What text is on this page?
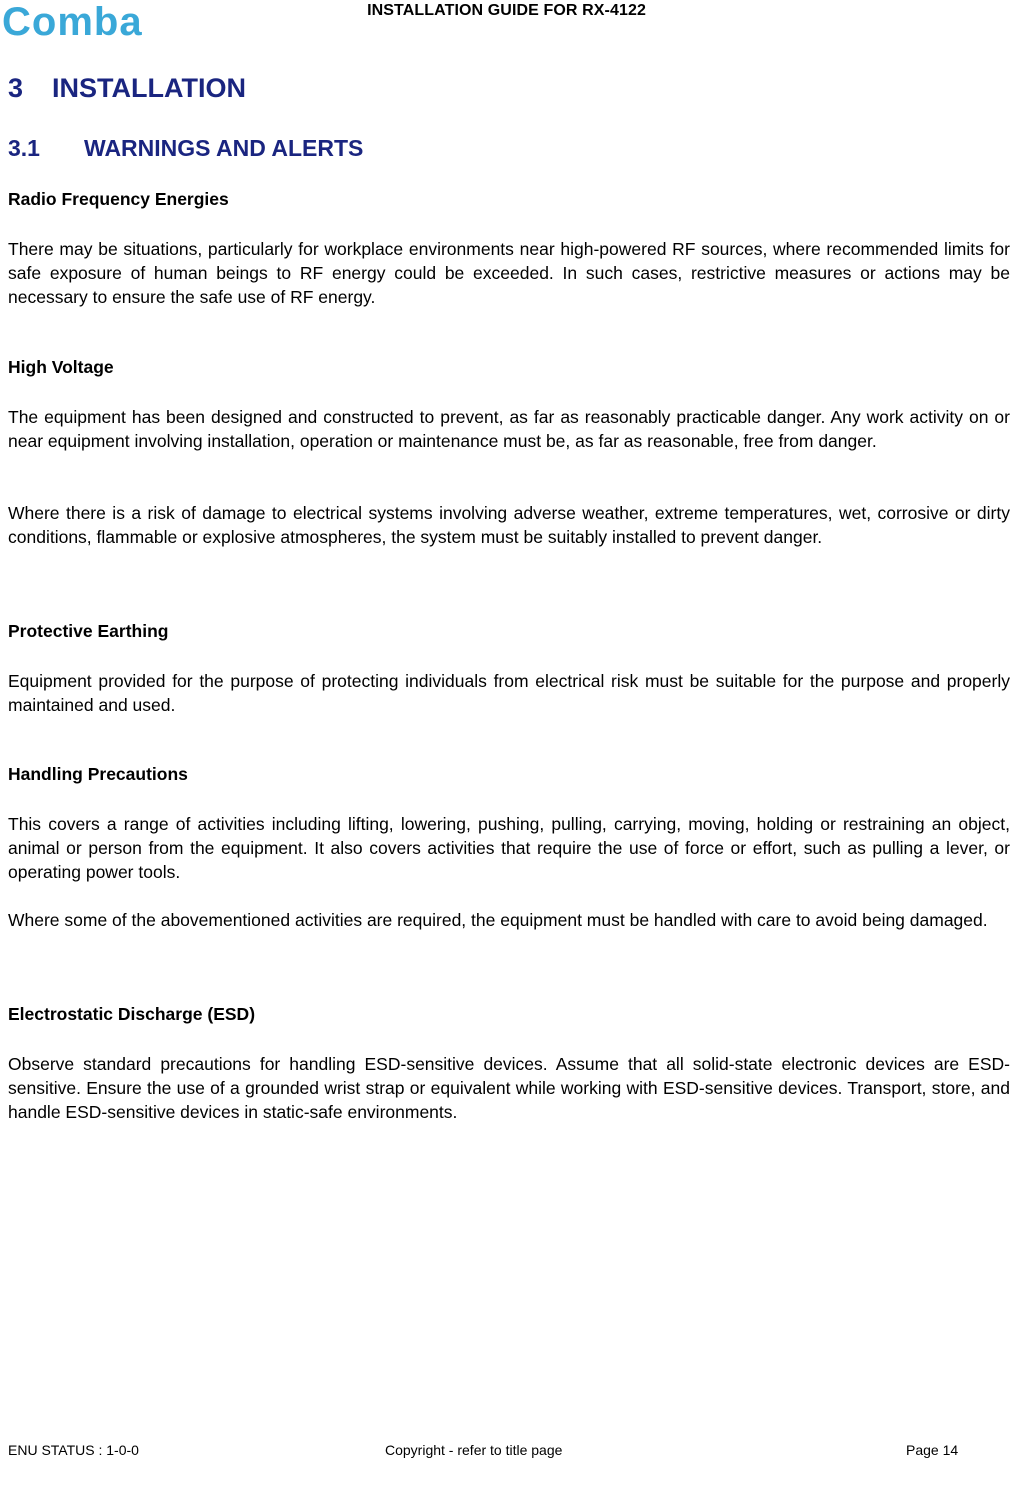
Comba	INSTALLATION GUIDE FOR RX-4122
3 INSTALLATION
3.1 WARNINGS AND ALERTS
Radio Frequency Energies

There may be situations, particularly for workplace environments near high-powered RF sources, where recommended limits for safe exposure of human beings to RF energy could be exceeded. In such cases, restrictive measures or actions may be necessary to ensure the safe use of RF energy.

High Voltage

The equipment has been designed and constructed to prevent, as far as reasonably practicable danger. Any work activity on or near equipment involving installation, operation or maintenance must be, as far as reasonable, free from danger.

Where there is a risk of damage to electrical systems involving adverse weather, extreme temperatures, wet, corrosive or dirty conditions, flammable or explosive atmospheres, the system must be suitably installed to prevent danger.

Protective Earthing

Equipment provided for the purpose of protecting individuals from electrical risk must be suitable for the purpose and properly maintained and used.

Handling Precautions

This covers a range of activities including lifting, lowering, pushing, pulling, carrying, moving, holding or restraining an object, animal or person from the equipment. It also covers activities that require the use of force or effort, such as pulling a lever, or operating power tools.

Where some of the abovementioned activities are required, the equipment must be handled with care to avoid being damaged.

Electrostatic Discharge (ESD)

Observe standard precautions for handling ESD-sensitive devices. Assume that all solid-state electronic devices are ESD-sensitive. Ensure the use of a grounded wrist strap or equivalent while working with ESD-sensitive devices. Transport, store, and handle ESD-sensitive devices in static-safe environments.

ENU STATUS : 1-0-0	Copyright - refer to title page	Page 14
